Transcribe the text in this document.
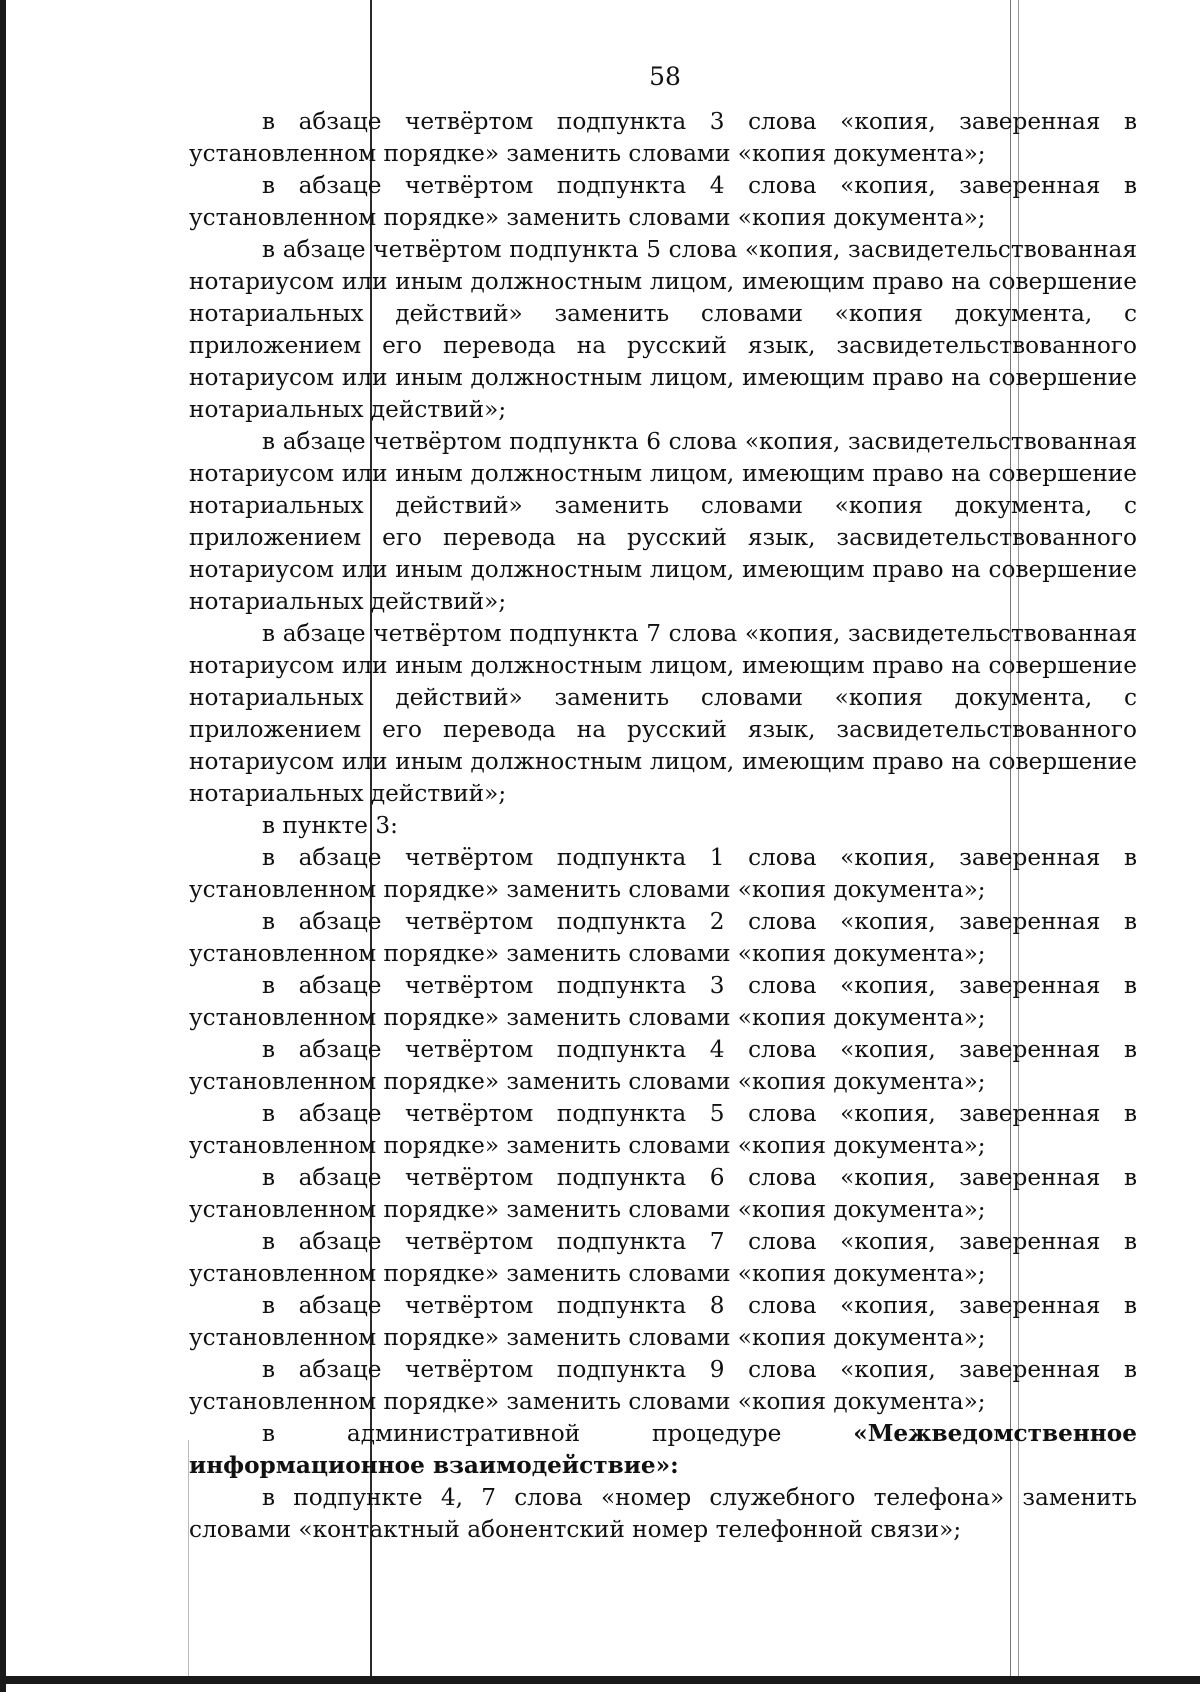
58

в абзаце четвёртом подпункта 3 слова «копия, заверенная в установленном порядке» заменить словами «копия документа»;

в абзаце четвёртом подпункта 4 слова «копия, заверенная в установленном порядке» заменить словами «копия документа»;

в абзаце четвёртом подпункта 5 слова «копия, засвидетельствованная нотариусом или иным должностным лицом, имеющим право на совершение нотариальных действий» заменить словами «копия документа, с приложением его перевода на русский язык, засвидетельствованного нотариусом или иным должностным лицом, имеющим право на совершение нотариальных действий»;

в абзаце четвёртом подпункта 6 слова «копия, засвидетельствованная нотариусом или иным должностным лицом, имеющим право на совершение нотариальных действий» заменить словами «копия документа, с приложением его перевода на русский язык, засвидетельствованного нотариусом или иным должностным лицом, имеющим право на совершение нотариальных действий»;

в абзаце четвёртом подпункта 7 слова «копия, засвидетельствованная нотариусом или иным должностным лицом, имеющим право на совершение нотариальных действий» заменить словами «копия документа, с приложением его перевода на русский язык, засвидетельствованного нотариусом или иным должностным лицом, имеющим право на совершение нотариальных действий»;

в пункте 3:

в абзаце четвёртом подпункта 1 слова «копия, заверенная в установленном порядке» заменить словами «копия документа»;

в абзаце четвёртом подпункта 2 слова «копия, заверенная в установленном порядке» заменить словами «копия документа»;

в абзаце четвёртом подпункта 3 слова «копия, заверенная в установленном порядке» заменить словами «копия документа»;

в абзаце четвёртом подпункта 4 слова «копия, заверенная в установленном порядке» заменить словами «копия документа»;

в абзаце четвёртом подпункта 5 слова «копия, заверенная в установленном порядке» заменить словами «копия документа»;

в абзаце четвёртом подпункта 6 слова «копия, заверенная в установленном порядке» заменить словами «копия документа»;

в абзаце четвёртом подпункта 7 слова «копия, заверенная в установленном порядке» заменить словами «копия документа»;

в абзаце четвёртом подпункта 8 слова «копия, заверенная в установленном порядке» заменить словами «копия документа»;

в абзаце четвёртом подпункта 9 слова «копия, заверенная в установленном порядке» заменить словами «копия документа»;

в административной процедуре «Межведомственное информационное взаимодействие»:

в подпункте 4, 7 слова «номер служебного телефона» заменить словами «контактный абонентский номер телефонной связи»;
